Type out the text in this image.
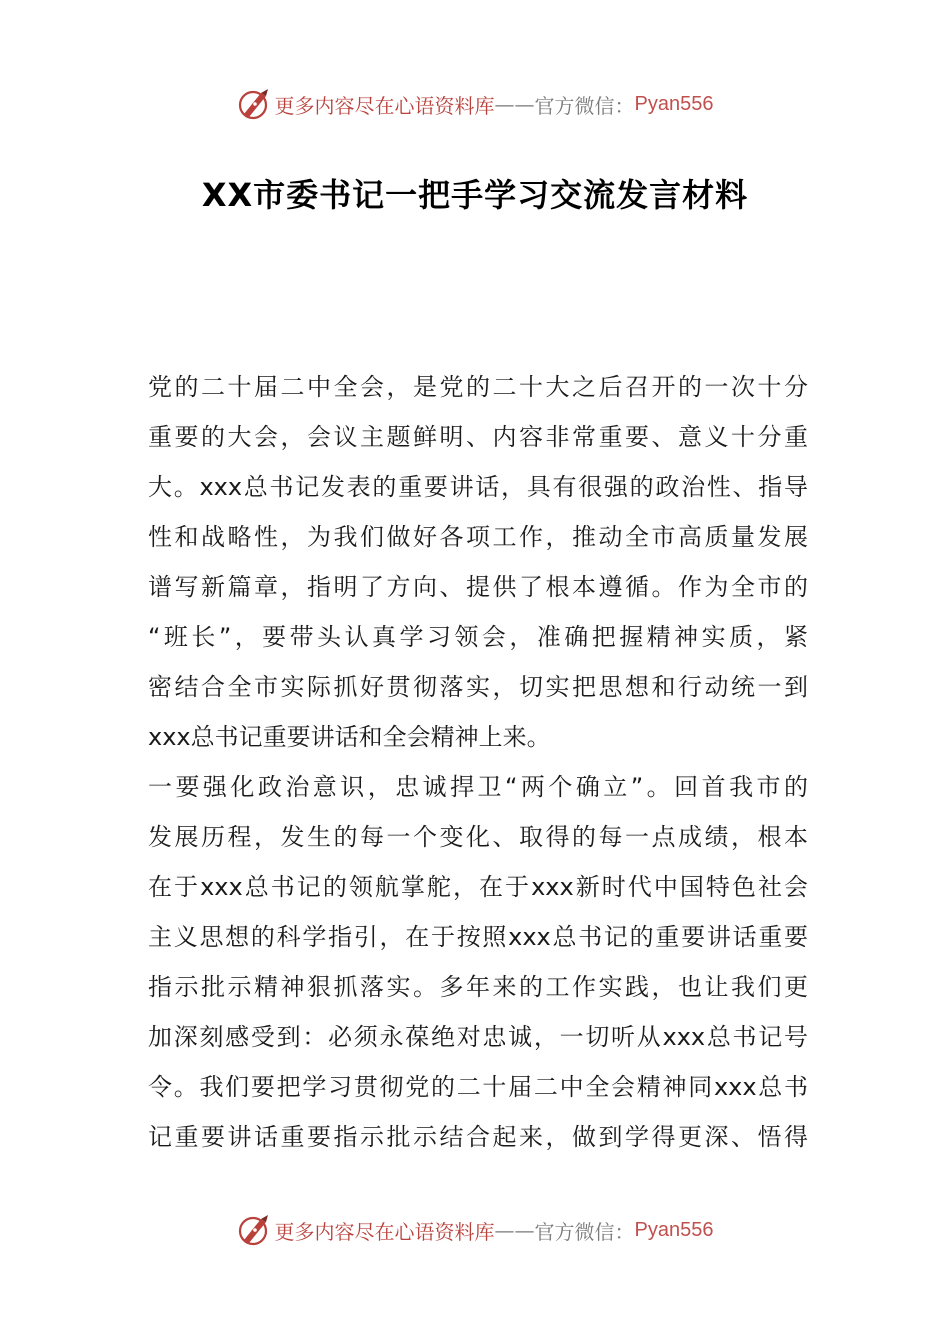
更多内容尽在心语资料库 —— 官方微信： Pyan556
XX市委书记一把手学习交流发言材料
党的二十届二中全会，是党的二十大之后召开的一次十分
重要的大会，会议主题鲜明、内容非常重要、意义十分重
大。xxx总书记发表的重要讲话，具有很强的政治性、指导
性和战略性，为我们做好各项工作，推动全市高质量发展
谱写新篇章，指明了方向、提供了根本遵循。作为全市的
“班长”，要带头认真学习领会，准确把握精神实质，紧
密结合全市实际抓好贯彻落实，切实把思想和行动统一到
xxx总书记重要讲话和全会精神上来。
一要强化政治意识，忠诚捍卫“两个确立”。回首我市的
发展历程，发生的每一个变化、取得的每一点成绩，根本
在于xxx总书记的领航掌舵，在于xxx新时代中国特色社会
主义思想的科学指引，在于按照xxx总书记的重要讲话重要
指示批示精神狠抓落实。多年来的工作实践，也让我们更
加深刻感受到：必须永葆绝对忠诚，一切听从xxx总书记号
令。我们要把学习贯彻党的二十届二中全会精神同xxx总书
记重要讲话重要指示批示结合起来，做到学得更深、悟得
更多内容尽在心语资料库 —— 官方微信： Pyan556
